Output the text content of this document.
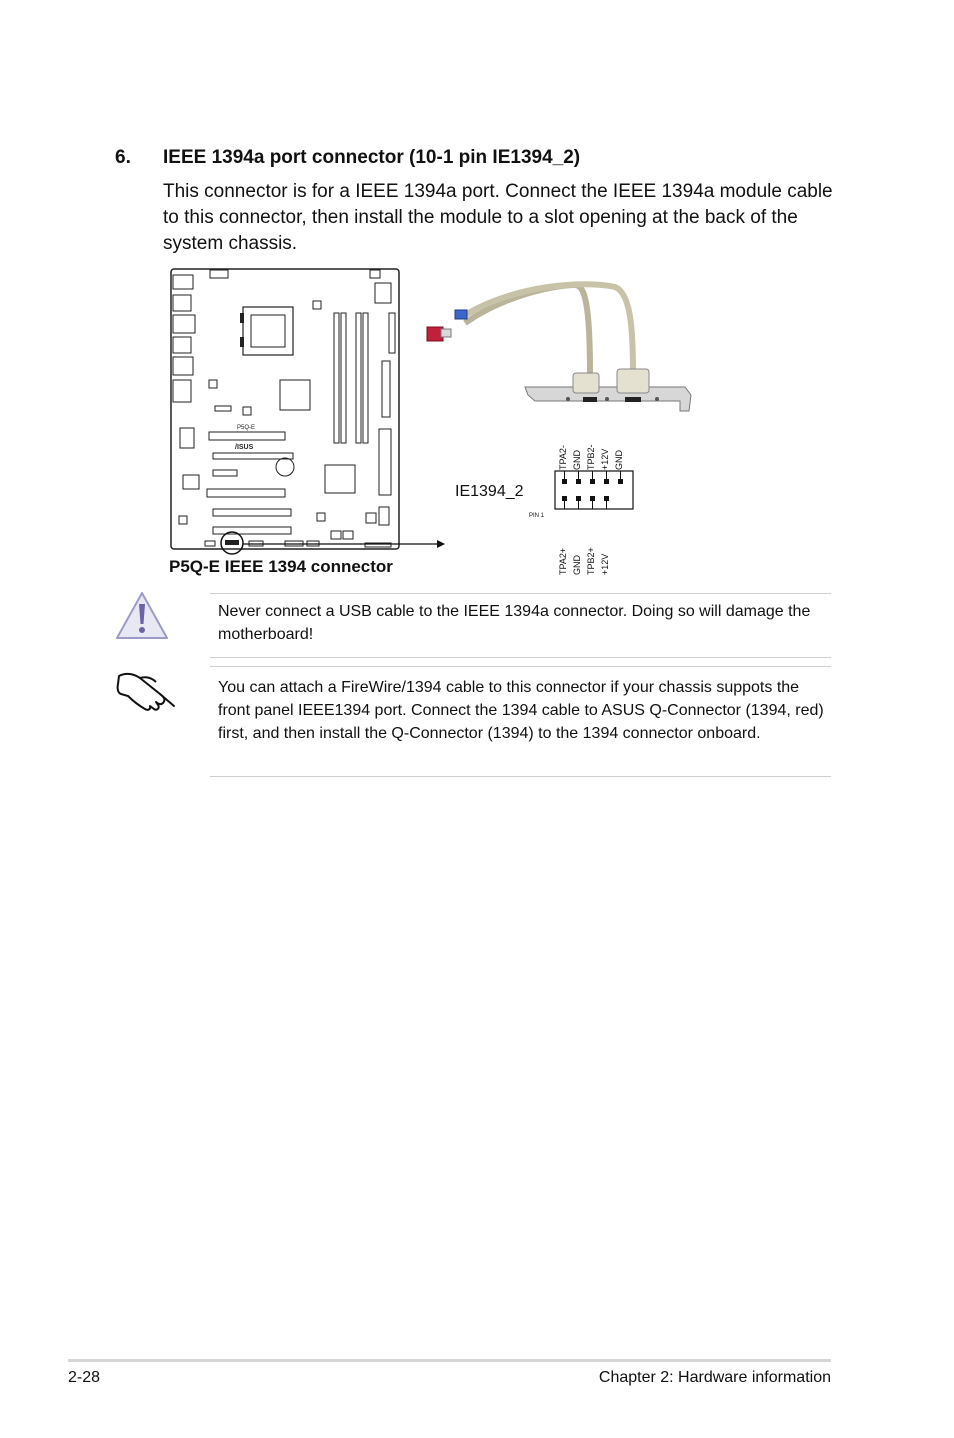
6. IEEE 1394a port connector (10-1 pin IE1394_2)

This connector is for a IEEE 1394a port. Connect the IEEE 1394a module cable to this connector, then install the module to a slot opening at the back of the system chassis.

P5Q-E
/ISUS	TPA2- GND TPB2- +12V GND
IE1394_2
PIN 1
TPA2+ GND TPB2+ +12V
P5Q-E IEEE 1394 connector

Never connect a USB cable to the IEEE 1394a connector. Doing so will damage the motherboard!

You can attach a FireWire/1394 cable to this connector if your chassis suppots the front panel IEEE1394 port. Connect the 1394 cable to ASUS Q-Connector (1394, red) first, and then install the Q-Connector (1394) to the 1394 connector onboard.

2-28	Chapter 2: Hardware information
